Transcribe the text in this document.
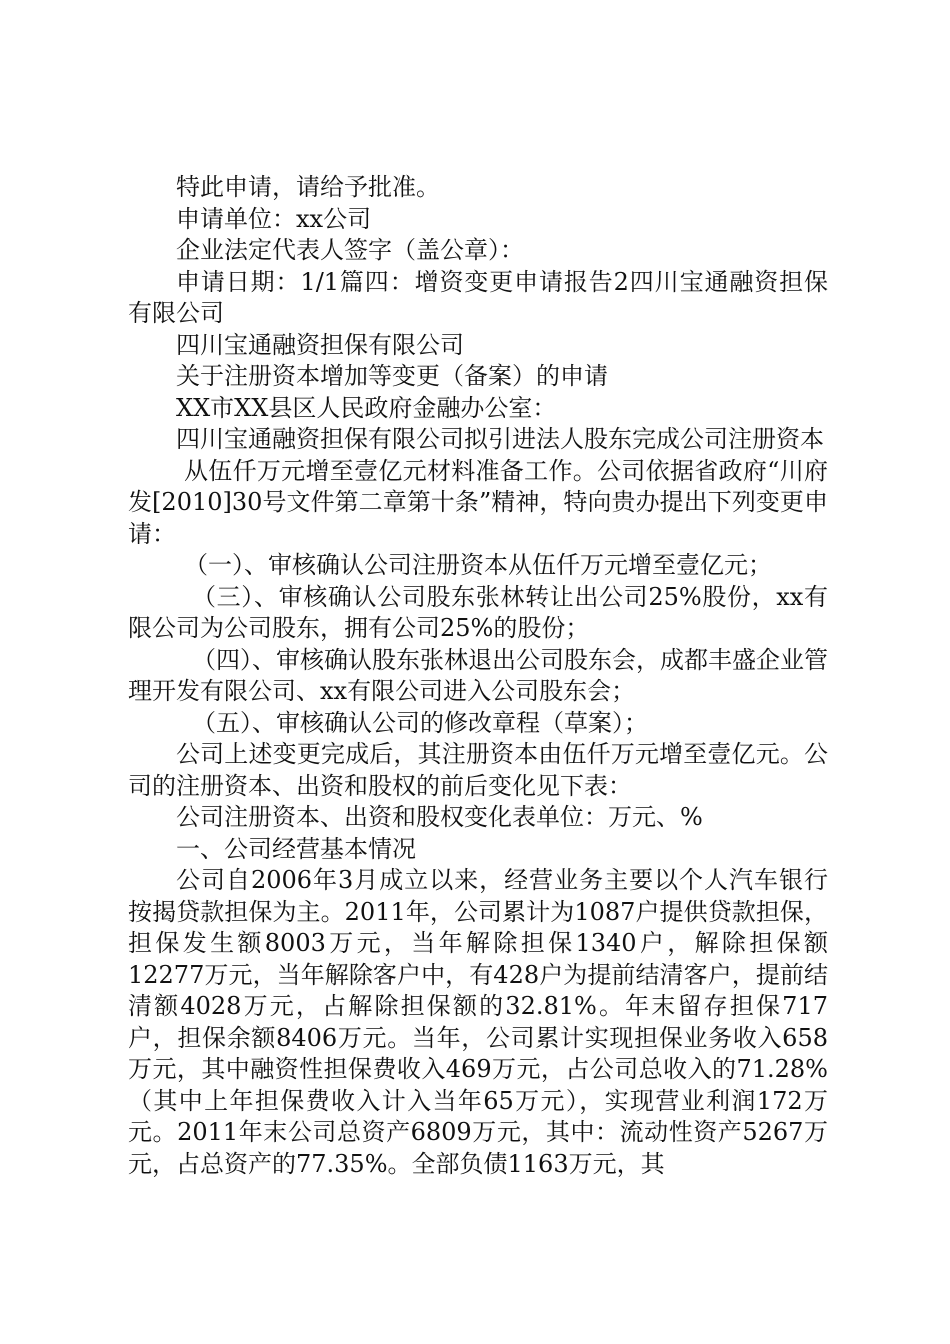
特此申请，请给予批准。

申请单位：xx公司

企业法定代表人签字（盖公章）：

申请日期：1/1篇四：增资变更申请报告2四川宝通融资担保有限公司

四川宝通融资担保有限公司

关于注册资本增加等变更（备案）的申请

XX市XX县区人民政府金融办公室：

四川宝通融资担保有限公司拟引进法人股东完成公司注册资本

从伍仟万元增至壹亿元材料准备工作。公司依据省政府“川府发[2010]30号文件第二章第十条”精神，特向贵办提出下列变更申请：

（一）、审核确认公司注册资本从伍仟万元增至壹亿元；

（三）、审核确认公司股东张林转让出公司25%股份，xx有限公司为公司股东，拥有公司25%的股份；

（四）、审核确认股东张林退出公司股东会，成都丰盛企业管理开发有限公司、xx有限公司进入公司股东会；

（五）、审核确认公司的修改章程（草案）；

公司上述变更完成后，其注册资本由伍仟万元增至壹亿元。公司的注册资本、出资和股权的前后变化见下表：

公司注册资本、出资和股权变化表单位：万元、%

一、公司经营基本情况

公司自2006年3月成立以来，经营业务主要以个人汽车银行按揭贷款担保为主。2011年，公司累计为1087户提供贷款担保，担保发生额8003万元，当年解除担保1340户，解除担保额12277万元，当年解除客户中，有428户为提前结清客户，提前结清额4028万元，占解除担保额的32.81%。年末留存担保717户，担保余额8406万元。当年，公司累计实现担保业务收入658万元，其中融资性担保费收入469万元，占公司总收入的71.28%（其中上年担保费收入计入当年65万元），实现营业利润172万元。2011年末公司总资产6809万元，其中：流动性资产5267万元，占总资产的77.35%。全部负债1163万元，其
